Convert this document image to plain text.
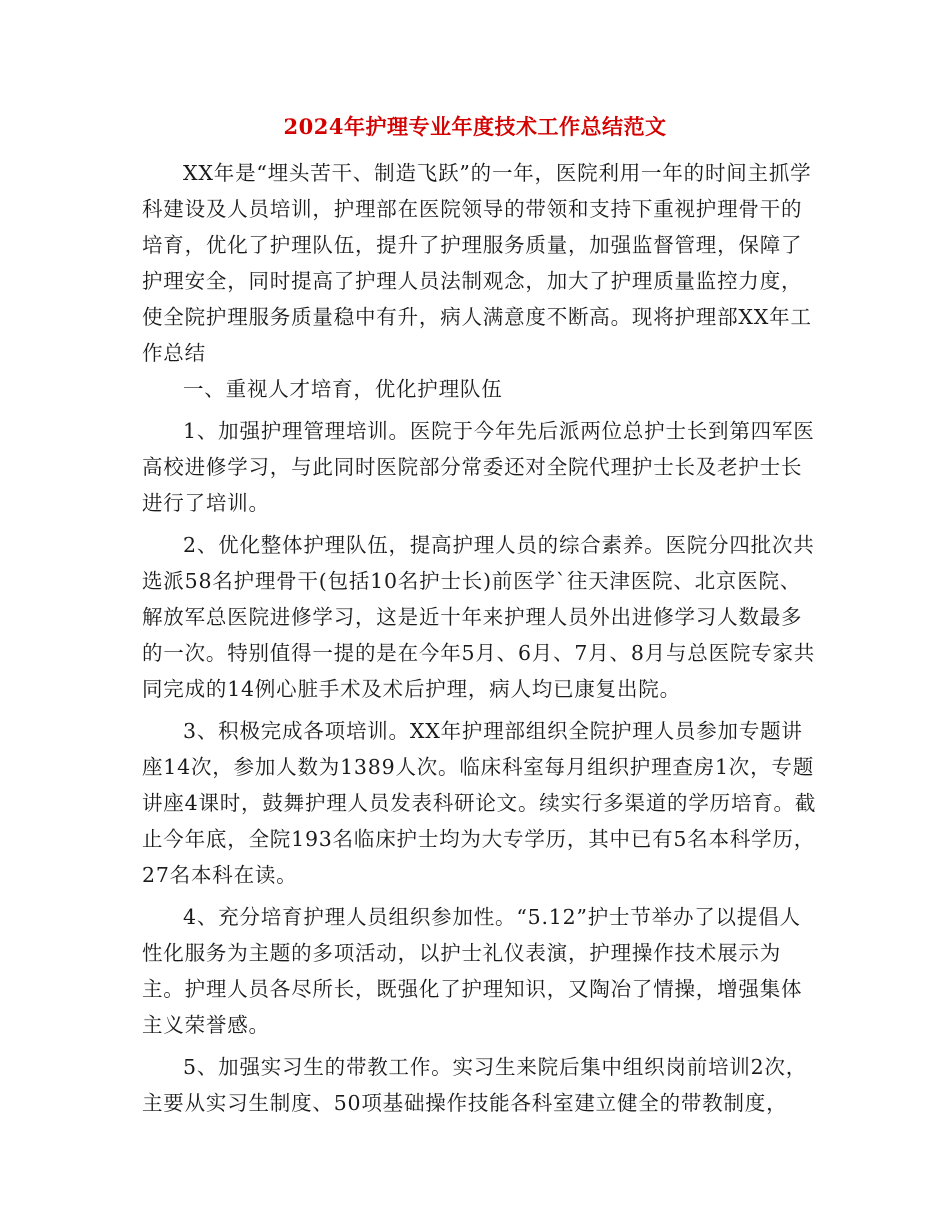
2024年护理专业年度技术工作总结范文

XX年是“埋头苦干、制造飞跃”的一年，医院利用一年的时间主抓学科建设及人员培训，护理部在医院领导的带领和支持下重视护理骨干的培育，优化了护理队伍，提升了护理服务质量，加强监督管理，保障了护理安全，同时提高了护理人员法制观念，加大了护理质量监控力度，使全院护理服务质量稳中有升，病人满意度不断高。现将护理部XX年工作总结

一、重视人才培育，优化护理队伍

1、加强护理管理培训。医院于今年先后派两位总护士长到第四军医高校进修学习，与此同时医院部分常委还对全院代理护士长及老护士长进行了培训。

2、优化整体护理队伍，提高护理人员的综合素养。医院分四批次共选派58名护理骨干(包括10名护士长)前医学`往天津医院、北京医院、解放军总医院进修学习，这是近十年来护理人员外出进修学习人数最多的一次。特别值得一提的是在今年5月、6月、7月、8月与总医院专家共同完成的14例心脏手术及术后护理，病人均已康复出院。

3、积极完成各项培训。XX年护理部组织全院护理人员参加专题讲座14次，参加人数为1389人次。临床科室每月组织护理查房1次，专题讲座4课时，鼓舞护理人员发表科研论文。续实行多渠道的学历培育。截止今年底，全院193名临床护士均为大专学历，其中已有5名本科学历，27名本科在读。

4、充分培育护理人员组织参加性。“5.12”护士节举办了以提倡人性化服务为主题的多项活动，以护士礼仪表演，护理操作技术展示为主。护理人员各尽所长，既强化了护理知识，又陶冶了情操，增强集体主义荣誉感。

5、加强实习生的带教工作。实习生来院后集中组织岗前培训2次，主要从实习生制度、50项基础操作技能各科室建立健全的带教制度，
